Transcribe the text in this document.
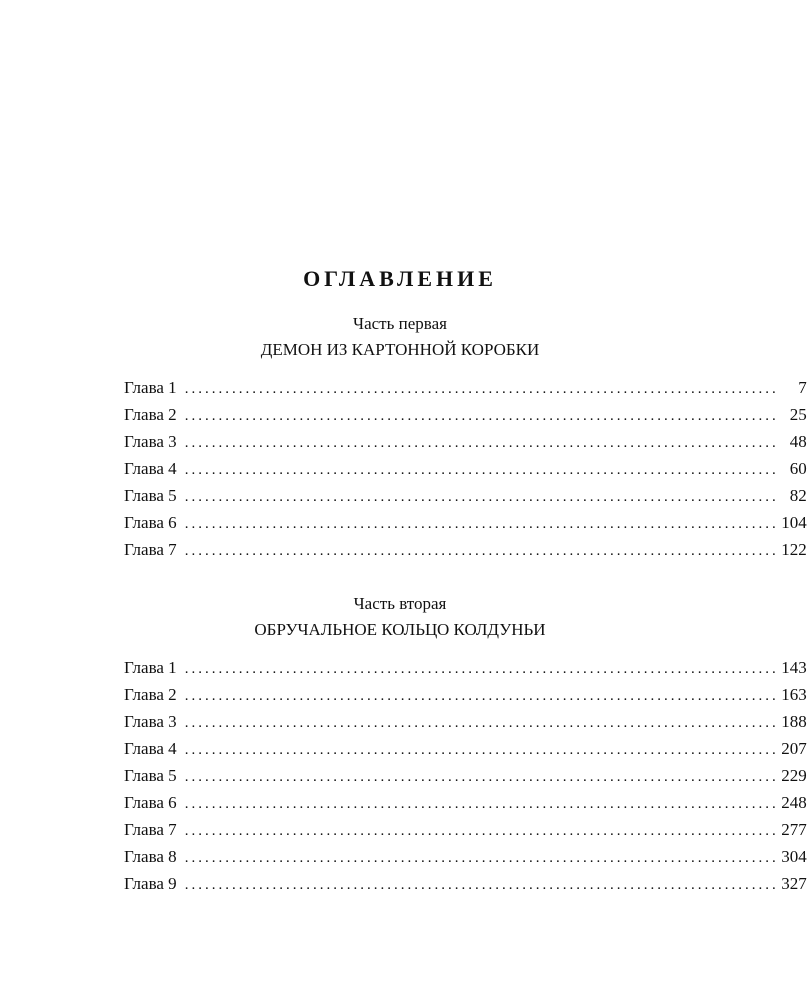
ОГЛАВЛЕНИЕ
Часть первая
ДЕМОН ИЗ КАРТОННОЙ КОРОБКИ
Глава 1 ........................................................................................	7
Глава 2 ........................................................................................ 25
Глава 3 ........................................................................................ 48
Глава 4 ........................................................................................ 60
Глава 5 ........................................................................................ 82
Глава 6 ........................................................................................ 104
Глава 7 ........................................................................................ 122
Часть вторая
ОБРУЧАЛЬНОЕ КОЛЬЦО КОЛДУНЬИ
Глава 1 ........................................................................................ 143
Глава 2 ........................................................................................ 163
Глава 3 ........................................................................................ 188
Глава 4 ........................................................................................ 207
Глава 5 ........................................................................................ 229
Глава 6 ........................................................................................ 248
Глава 7 ........................................................................................ 277
Глава 8 ........................................................................................ 304
Глава 9 ........................................................................................ 327
